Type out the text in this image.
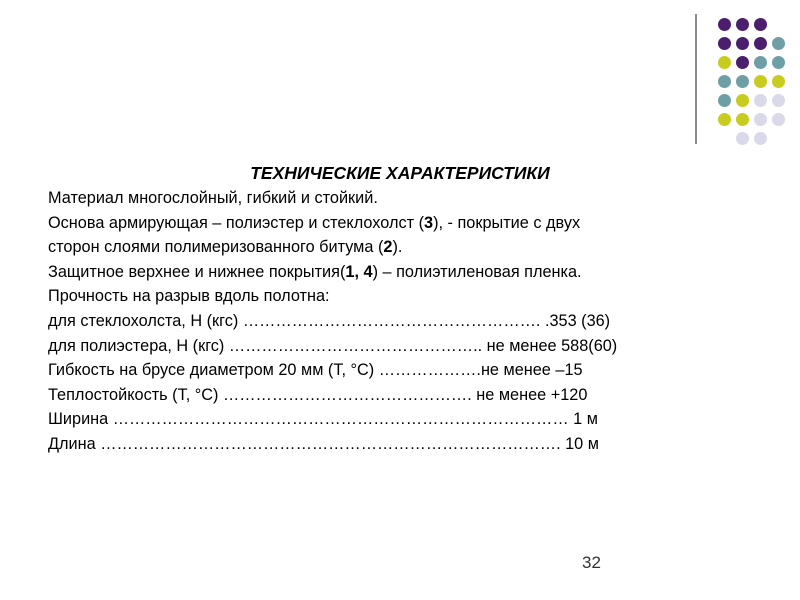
ТЕХНИЧЕСКИЕ ХАРАКТЕРИСТИКИ
Материал многослойный, гибкий и стойкий.
Основа армирующая – полиэстер и стеклохолст (3), - покрытие с двух
сторон слоями полимеризованного битума (2).
Защитное верхнее и нижнее покрытия(1, 4) – полиэтиленовая пленка.
Прочность на разрыв вдоль полотна:
для стеклохолста, Н (кгс) ………………………………………………. .353 (36)
для полиэстера, Н (кгс) ……………………………………….. не менее 588(60)
Гибкость на брусе диаметром 20 мм (Т, °С) ……………….не менее –15
Теплостойкость (Т, °С) ………………………………………. не менее +120
Ширина ………………………………………………………………………… 1 м
Длина …………………………………………………………………………. 10 м
32
